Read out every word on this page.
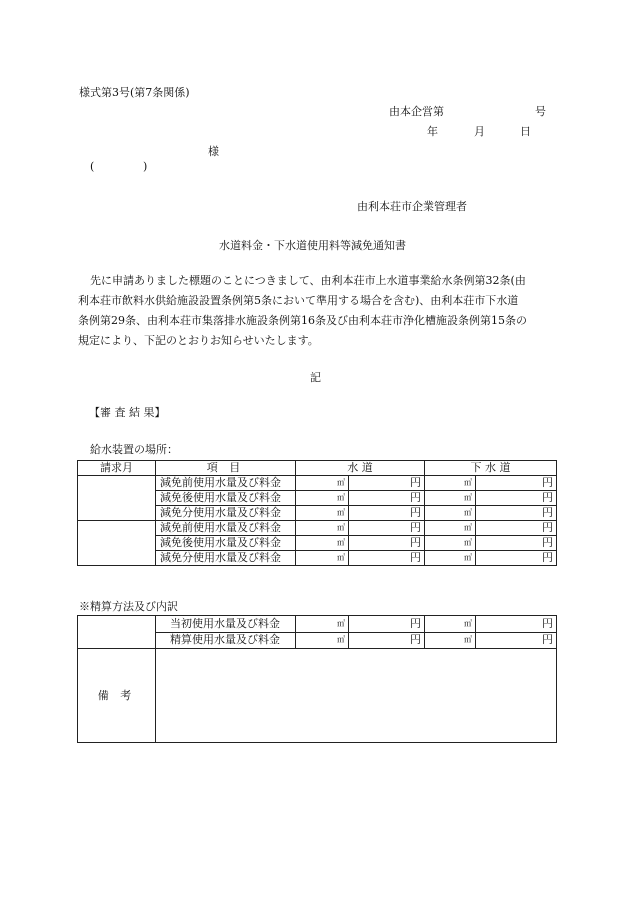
様式第3号(第7条関係)
由本企営第	号
年	月	日
様
(	)
由利本荘市企業管理者
水道料金・下水道使用料等減免通知書
先に申請ありました標題のことにつきまして、由利本荘市上水道事業給水条例第32条(由
利本荘市飲料水供給施設設置条例第5条において準用する場合を含む)、由利本荘市下水道
条例第29条、由利本荘市集落排水施設条例第16条及び由利本荘市浄化槽施設条例第15条の
規定により、下記のとおりお知らせいたします。
記
【審 査 結 果】
給水装置の場所：
請求月	項 目	水 道		下 水 道	
	減免前使用水量及び料金	㎥	円	㎥	円
	減免後使用水量及び料金	㎥	円	㎥	円
	減免分使用水量及び料金	㎥	円	㎥	円
	減免前使用水量及び料金	㎥	円	㎥	円
	減免後使用水量及び料金	㎥	円	㎥	円
	減免分使用水量及び料金	㎥	円	㎥	円
※精算方法及び内訳
	当初使用水量及び料金	㎥	円	㎥	円
	精算使用水量及び料金	㎥	円	㎥	円
備 考					
